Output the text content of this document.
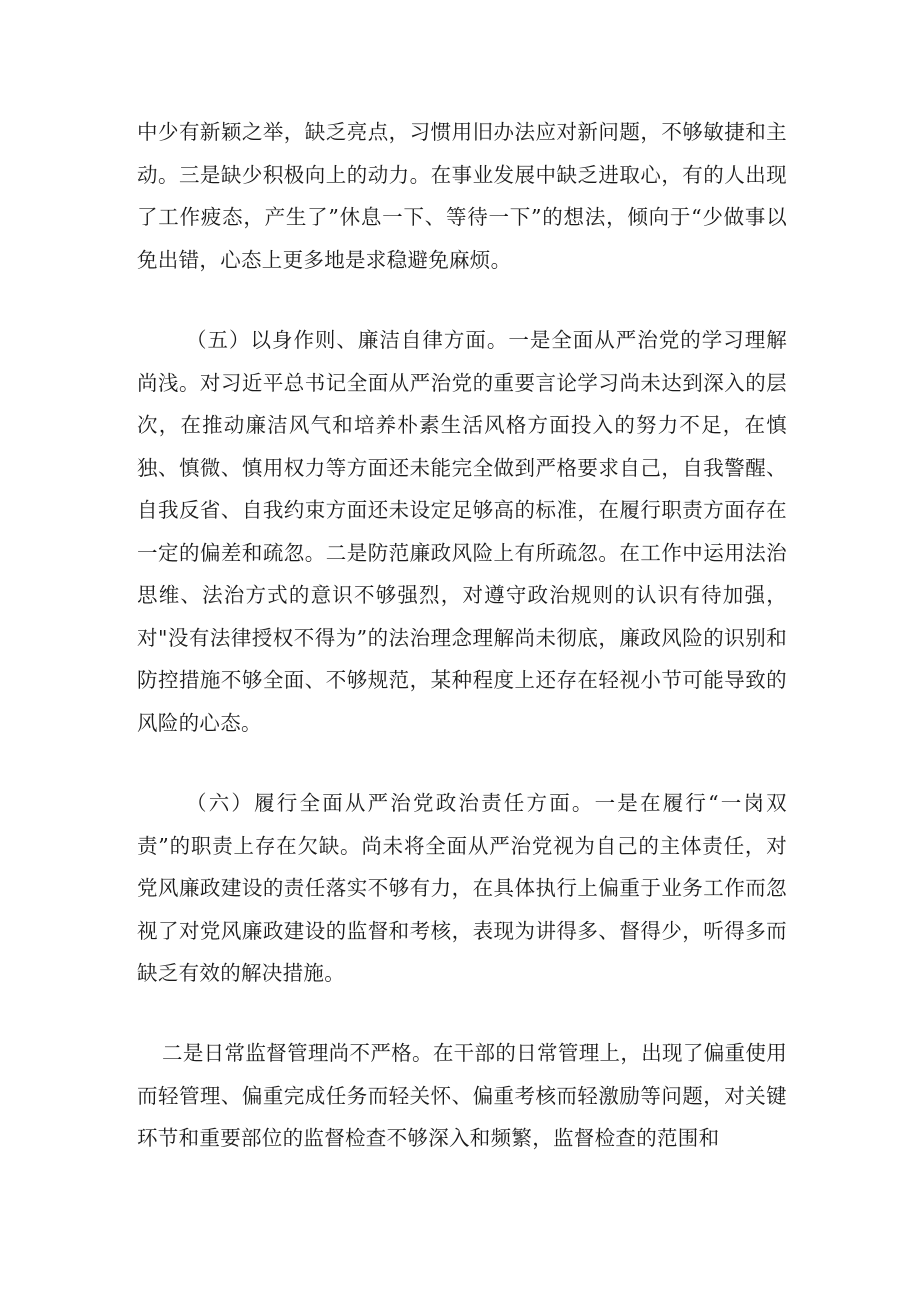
中少有新颖之举，缺乏亮点，习惯用旧办法应对新问题，不够敏捷和主动。三是缺少积极向上的动力。在事业发展中缺乏进取心，有的人出现了工作疲态，产生了”休息一下、等待一下”的想法，倾向于“少做事以免出错，心态上更多地是求稳避免麻烦。

（五）以身作则、廉洁自律方面。一是全面从严治党的学习理解尚浅。对习近平总书记全面从严治党的重要言论学习尚未达到深入的层次，在推动廉洁风气和培养朴素生活风格方面投入的努力不足，在慎独、慎微、慎用权力等方面还未能完全做到严格要求自己，自我警醒、自我反省、自我约束方面还未设定足够高的标准，在履行职责方面存在一定的偏差和疏忽。二是防范廉政风险上有所疏忽。在工作中运用法治思维、法治方式的意识不够强烈，对遵守政治规则的认识有待加强，对"没有法律授权不得为”的法治理念理解尚未彻底，廉政风险的识别和防控措施不够全面、不够规范，某种程度上还存在轻视小节可能导致的风险的心态。

（六）履行全面从严治党政治责任方面。一是在履行“一岗双责”的职责上存在欠缺。尚未将全面从严治党视为自己的主体责任，对党风廉政建设的责任落实不够有力，在具体执行上偏重于业务工作而忽视了对党风廉政建设的监督和考核，表现为讲得多、督得少，听得多而缺乏有效的解决措施。

二是日常监督管理尚不严格。在干部的日常管理上，出现了偏重使用而轻管理、偏重完成任务而轻关怀、偏重考核而轻激励等问题，对关键环节和重要部位的监督检查不够深入和频繁，监督检查的范围和
